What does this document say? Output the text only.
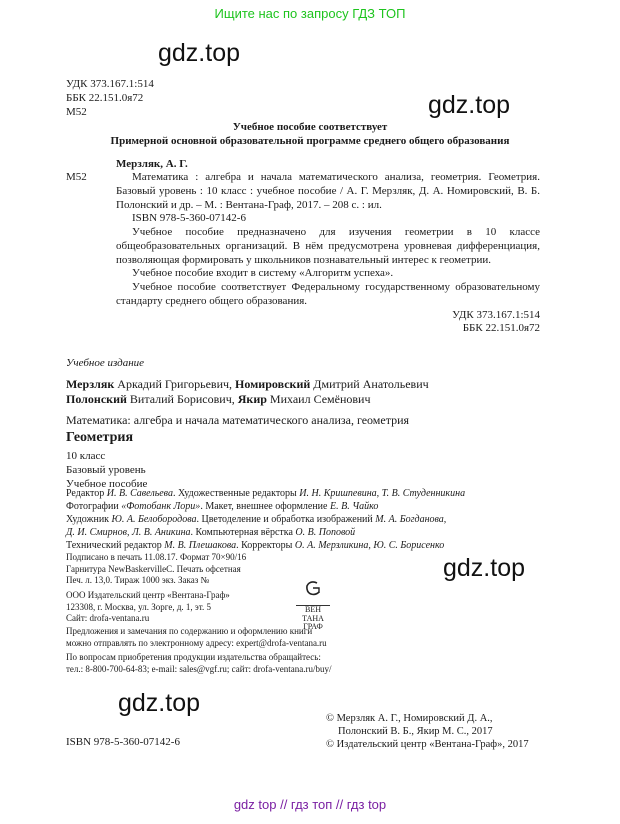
Ищите нас по запросу ГДЗ ТОП
gdz.top
gdz.top
gdz.top
gdz.top
УДК 373.167.1:514
ББК 22.151.0я72
М52
Учебное пособие соответствует
Примерной основной образовательной программе среднего общего образования
Мерзляк, А. Г.
М52	Математика : алгебра и начала математического анализа, геометрия. Геометрия. Базовый уровень : 10 класс : учебное пособие / А. Г. Мерзляк, Д. А. Номировский, В. Б. Полонский и др. – М. : Вентана-Граф, 2017. – 208 с. : ил.

ISBN 978-5-360-07142-6

Учебное пособие предназначено для изучения геометрии в 10 классе общеобразовательных организаций. В нём предусмотрена уровневая дифференциация, позволяющая формировать у школьников познавательный интерес к геометрии.

Учебное пособие входит в систему «Алгоритм успеха».

Учебное пособие соответствует Федеральному государственному образовательному стандарту среднего общего образования.

УДК 373.167.1:514

ББК 22.151.0я72

Учебное издание
Мерзляк Аркадий Григорьевич, Номировский Дмитрий Анатольевич
Полонский Виталий Борисович, Якир Михаил Семёнович
Математика: алгебра и начала математического анализа, геометрия
Геометрия
10 класс
Базовый уровень
Учебное пособие
Редактор И. В. Савельева. Художественные редакторы И. Н. Кришпевина, Т. В. Студенникина
Фотографии «Фотобанк Лори». Макет, внешнее оформление Е. В. Чайко
Художник Ю. А. Белобородова. Цветоделение и обработка изображений М. А. Богданова,
Д. И. Смирнов, Л. В. Аникина. Компьютерная вёрстка О. В. Поповой
Технический редактор М. В. Плешакова. Корректоры О. А. Мерзликина, Ю. С. Борисенко
Подписано в печать 11.08.17. Формат 70×90/16
Гарнитура NewBaskervilleC. Печать офсетная
Печ. л. 13,0. Тираж 1000 экз. Заказ №
ООО Издательский центр «Вентана-Граф»
123308, г. Москва, ул. Зорге, д. 1, эт. 5
Сайт: drofa-ventana.ru
ВЕН
ТАНА
ГРАФ
Предложения и замечания по содержанию и оформлению книги
можно отправлять по электронному адресу: expert@drofa-ventana.ru
По вопросам приобретения продукции издательства обращайтесь:
тел.: 8-800-700-64-83; e-mail: sales@vgf.ru; сайт: drofa-ventana.ru/buy/
ISBN 978-5-360-07142-6
© Мерзляк А. Г., Номировский Д. А.,
Полонский В. Б., Якир М. С., 2017
© Издательский центр «Вентана-Граф», 2017
gdz top // гдз топ // гдз top
